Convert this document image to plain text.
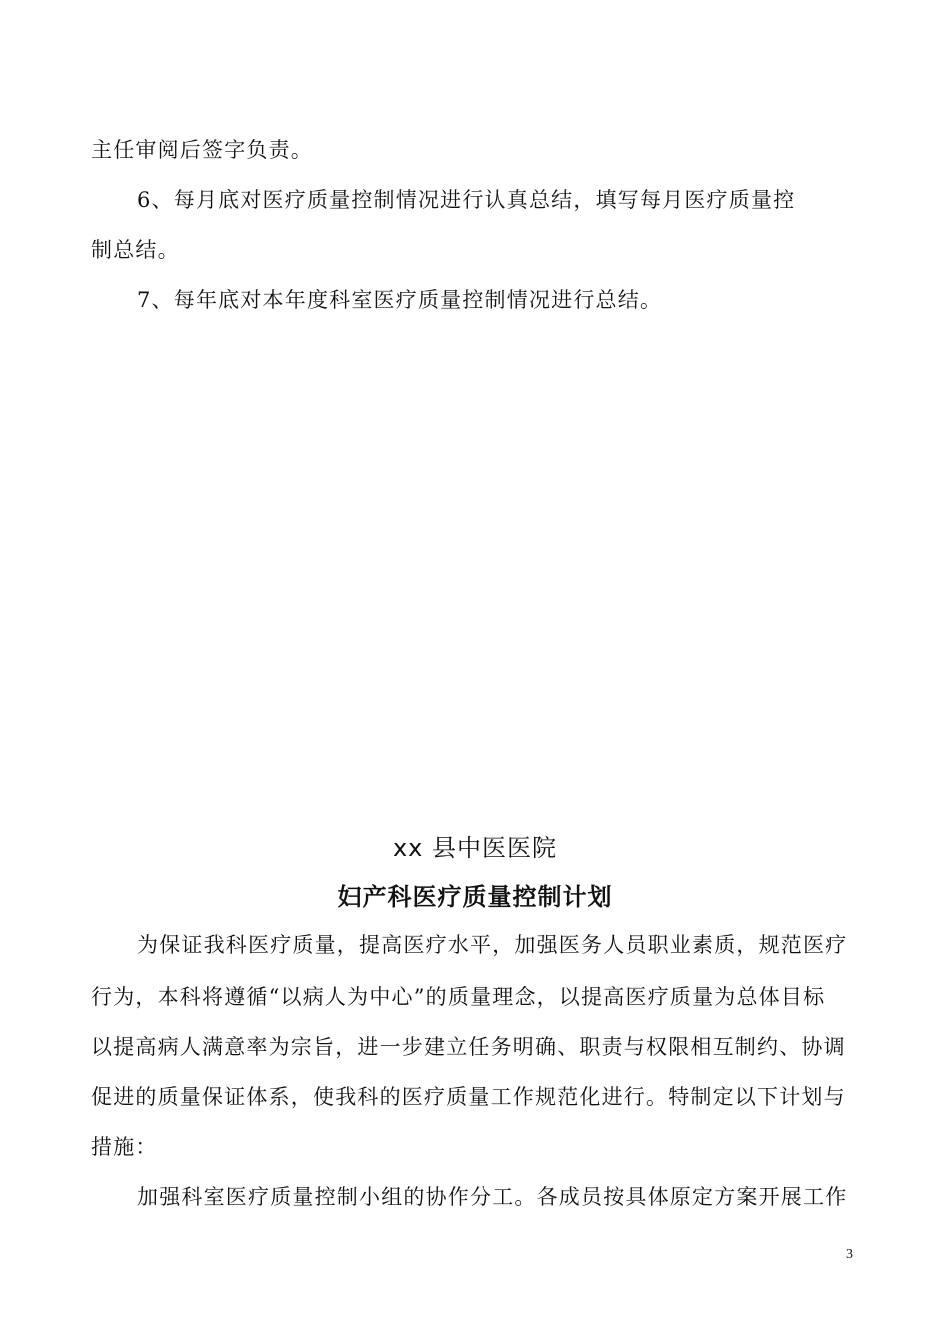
主任审阅后签字负责。
6、每月底对医疗质量控制情况进行认真总结，填写每月医疗质量控
制总结。
7、每年底对本年度科室医疗质量控制情况进行总结。
xx 县中医医院
妇产科医疗质量控制计划
为保证我科医疗质量，提高医疗水平，加强医务人员职业素质，规范医疗
行为，本科将遵循“以病人为中心”的质量理念，以提高医疗质量为总体目标
以提高病人满意率为宗旨，进一步建立任务明确、职责与权限相互制约、协调
促进的质量保证体系，使我科的医疗质量工作规范化进行。特制定以下计划与
措施：
加强科室医疗质量控制小组的协作分工。各成员按具体原定方案开展工作
3
